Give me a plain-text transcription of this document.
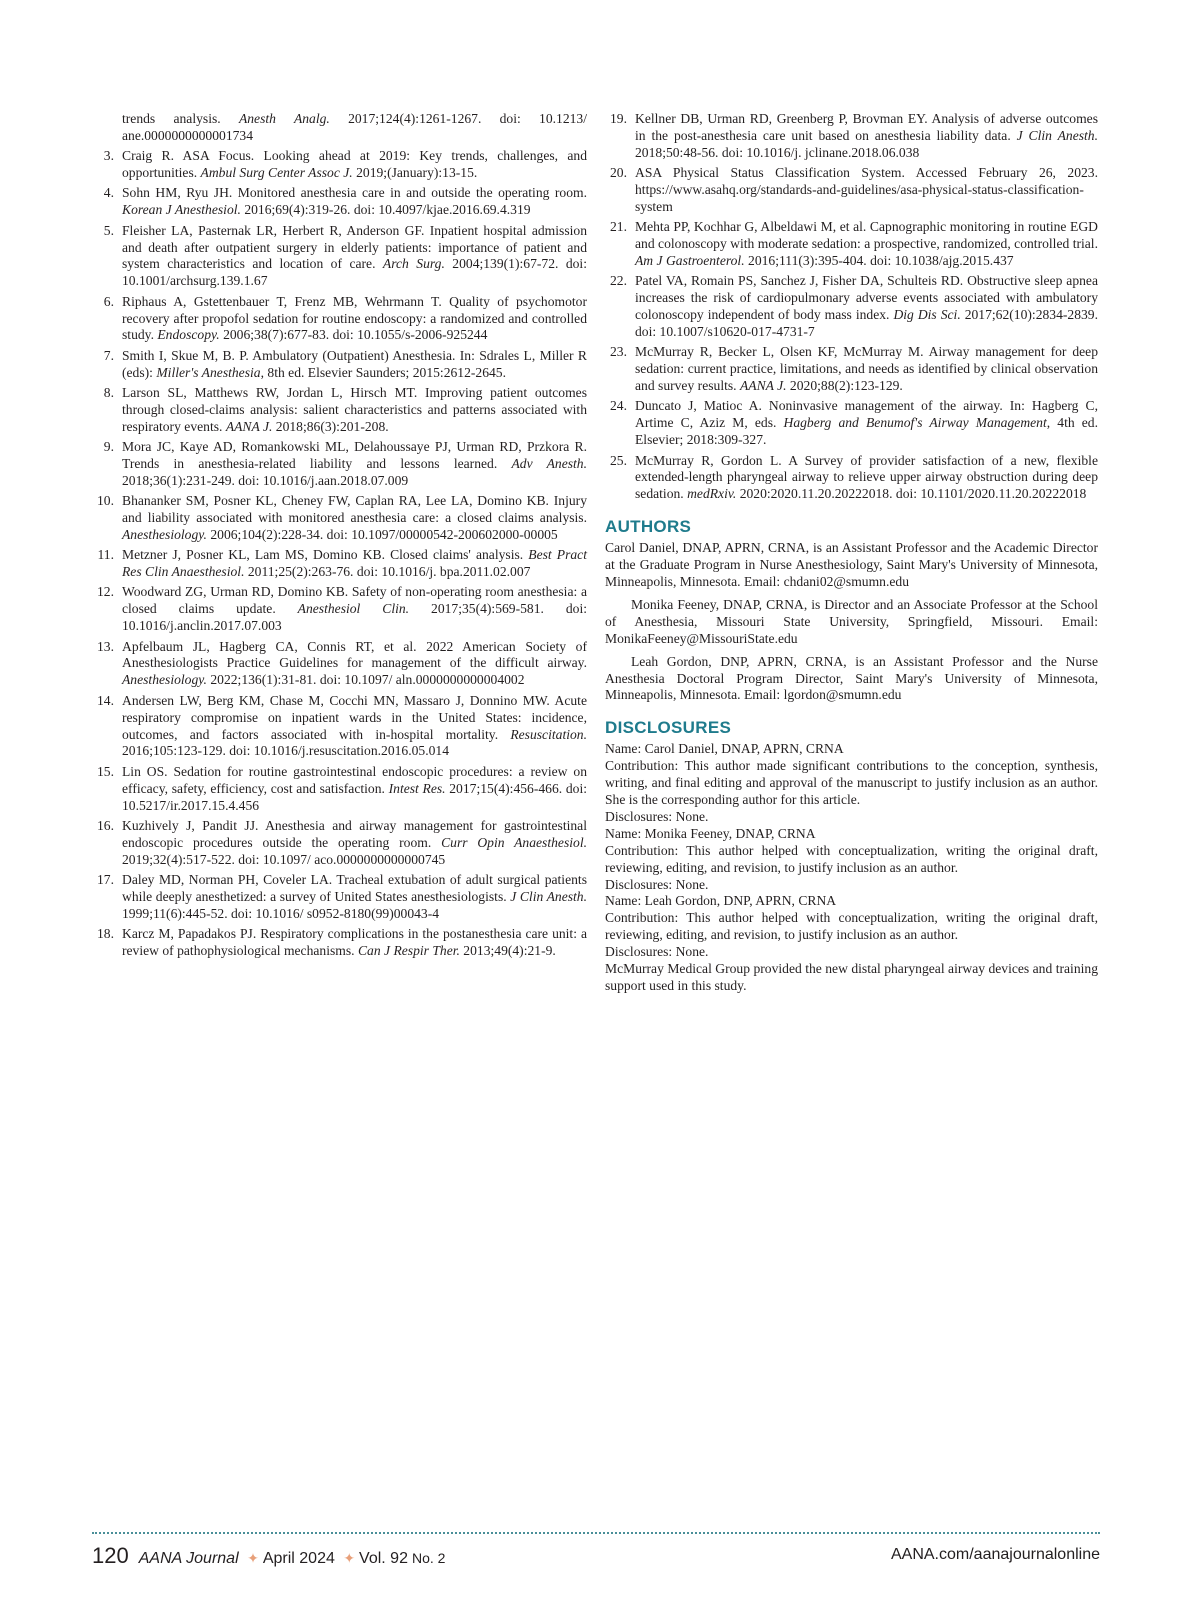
trends analysis. Anesth Analg. 2017;124(4):1261-1267. doi: 10.1213/ ane.0000000000001734
3. Craig R. ASA Focus. Looking ahead at 2019: Key trends, challenges, and opportunities. Ambul Surg Center Assoc J. 2019;(January):13-15.
4. Sohn HM, Ryu JH. Monitored anesthesia care in and outside the operating room. Korean J Anesthesiol. 2016;69(4):319-26. doi: 10.4097/kjae.2016.69.4.319
5. Fleisher LA, Pasternak LR, Herbert R, Anderson GF. Inpatient hospital admission and death after outpatient surgery in elderly patients: importance of patient and system characteristics and location of care. Arch Surg. 2004;139(1):67-72. doi: 10.1001/archsurg.139.1.67
6. Riphaus A, Gstettenbauer T, Frenz MB, Wehrmann T. Quality of psychomotor recovery after propofol sedation for routine endoscopy: a randomized and controlled study. Endoscopy. 2006;38(7):677-83. doi: 10.1055/s-2006-925244
7. Smith I, Skue M, B. P. Ambulatory (Outpatient) Anesthesia. In: Sdrales L, Miller R (eds): Miller's Anesthesia, 8th ed. Elsevier Saunders; 2015:2612-2645.
8. Larson SL, Matthews RW, Jordan L, Hirsch MT. Improving patient outcomes through closed-claims analysis: salient characteristics and patterns associated with respiratory events. AANA J. 2018;86(3):201-208.
9. Mora JC, Kaye AD, Romankowski ML, Delahoussaye PJ, Urman RD, Przkora R. Trends in anesthesia-related liability and lessons learned. Adv Anesth. 2018;36(1):231-249. doi: 10.1016/j.aan.2018.07.009
10. Bhananker SM, Posner KL, Cheney FW, Caplan RA, Lee LA, Domino KB. Injury and liability associated with monitored anesthesia care: a closed claims analysis. Anesthesiology. 2006;104(2):228-34. doi: 10.1097/00000542-200602000-00005
11. Metzner J, Posner KL, Lam MS, Domino KB. Closed claims' analysis. Best Pract Res Clin Anaesthesiol. 2011;25(2):263-76. doi: 10.1016/j. bpa.2011.02.007
12. Woodward ZG, Urman RD, Domino KB. Safety of non-operating room anesthesia: a closed claims update. Anesthesiol Clin. 2017;35(4):569-581. doi: 10.1016/j.anclin.2017.07.003
13. Apfelbaum JL, Hagberg CA, Connis RT, et al. 2022 American Society of Anesthesiologists Practice Guidelines for management of the difficult airway. Anesthesiology. 2022;136(1):31-81. doi: 10.1097/ aln.0000000000004002
14. Andersen LW, Berg KM, Chase M, Cocchi MN, Massaro J, Donnino MW. Acute respiratory compromise on inpatient wards in the United States: incidence, outcomes, and factors associated with in-hospital mortality. Resuscitation. 2016;105:123-129. doi: 10.1016/j.resuscitation.2016.05.014
15. Lin OS. Sedation for routine gastrointestinal endoscopic procedures: a review on efficacy, safety, efficiency, cost and satisfaction. Intest Res. 2017;15(4):456-466. doi: 10.5217/ir.2017.15.4.456
16. Kuzhively J, Pandit JJ. Anesthesia and airway management for gastrointestinal endoscopic procedures outside the operating room. Curr Opin Anaesthesiol. 2019;32(4):517-522. doi: 10.1097/ aco.0000000000000745
17. Daley MD, Norman PH, Coveler LA. Tracheal extubation of adult surgical patients while deeply anesthetized: a survey of United States anesthesiologists. J Clin Anesth. 1999;11(6):445-52. doi: 10.1016/ s0952-8180(99)00043-4
18. Karcz M, Papadakos PJ. Respiratory complications in the postanesthesia care unit: a review of pathophysiological mechanisms. Can J Respir Ther. 2013;49(4):21-9.
19. Kellner DB, Urman RD, Greenberg P, Brovman EY. Analysis of adverse outcomes in the post-anesthesia care unit based on anesthesia liability data. J Clin Anesth. 2018;50:48-56. doi: 10.1016/j. jclinane.2018.06.038
20. ASA Physical Status Classification System. Accessed February 26, 2023. https://www.asahq.org/standards-and-guidelines/asa-physical-status-classification-system
21. Mehta PP, Kochhar G, Albeldawi M, et al. Capnographic monitoring in routine EGD and colonoscopy with moderate sedation: a prospective, randomized, controlled trial. Am J Gastroenterol. 2016;111(3):395-404. doi: 10.1038/ajg.2015.437
22. Patel VA, Romain PS, Sanchez J, Fisher DA, Schulteis RD. Obstructive sleep apnea increases the risk of cardiopulmonary adverse events associated with ambulatory colonoscopy independent of body mass index. Dig Dis Sci. 2017;62(10):2834-2839. doi: 10.1007/s10620-017-4731-7
23. McMurray R, Becker L, Olsen KF, McMurray M. Airway management for deep sedation: current practice, limitations, and needs as identified by clinical observation and survey results. AANA J. 2020;88(2):123-129.
24. Duncato J, Matioc A. Noninvasive management of the airway. In: Hagberg C, Artime C, Aziz M, eds. Hagberg and Benumof's Airway Management, 4th ed. Elsevier; 2018:309-327.
25. McMurray R, Gordon L. A Survey of provider satisfaction of a new, flexible extended-length pharyngeal airway to relieve upper airway obstruction during deep sedation. medRxiv. 2020:2020.11.20.20222018. doi: 10.1101/2020.11.20.20222018
AUTHORS

Carol Daniel, DNAP, APRN, CRNA, is an Assistant Professor and the Academic Director at the Graduate Program in Nurse Anesthesiology, Saint Mary's University of Minnesota, Minneapolis, Minnesota. Email: chdani02@smumn.edu

Monika Feeney, DNAP, CRNA, is Director and an Associate Professor at the School of Anesthesia, Missouri State University, Springfield, Missouri. Email: MonikaFeeney@MissouriState.edu

Leah Gordon, DNP, APRN, CRNA, is an Assistant Professor and the Nurse Anesthesia Doctoral Program Director, Saint Mary's University of Minnesota, Minneapolis, Minnesota. Email: lgordon@smumn.edu

DISCLOSURES

Name: Carol Daniel, DNAP, APRN, CRNA

Contribution: This author made significant contributions to the conception, synthesis, writing, and final editing and approval of the manuscript to justify inclusion as an author. She is the corresponding author for this article.

Disclosures: None.

Name: Monika Feeney, DNAP, CRNA

Contribution: This author helped with conceptualization, writing the original draft, reviewing, editing, and revision, to justify inclusion as an author.

Disclosures: None.

Name: Leah Gordon, DNP, APRN, CRNA

Contribution: This author helped with conceptualization, writing the original draft, reviewing, editing, and revision, to justify inclusion as an author.

Disclosures: None.

McMurray Medical Group provided the new distal pharyngeal airway devices and training support used in this study.

120 AANA Journal ✦ April 2024 ✦ Vol. 92 No. 2	AANA.com/aanajournalonline
